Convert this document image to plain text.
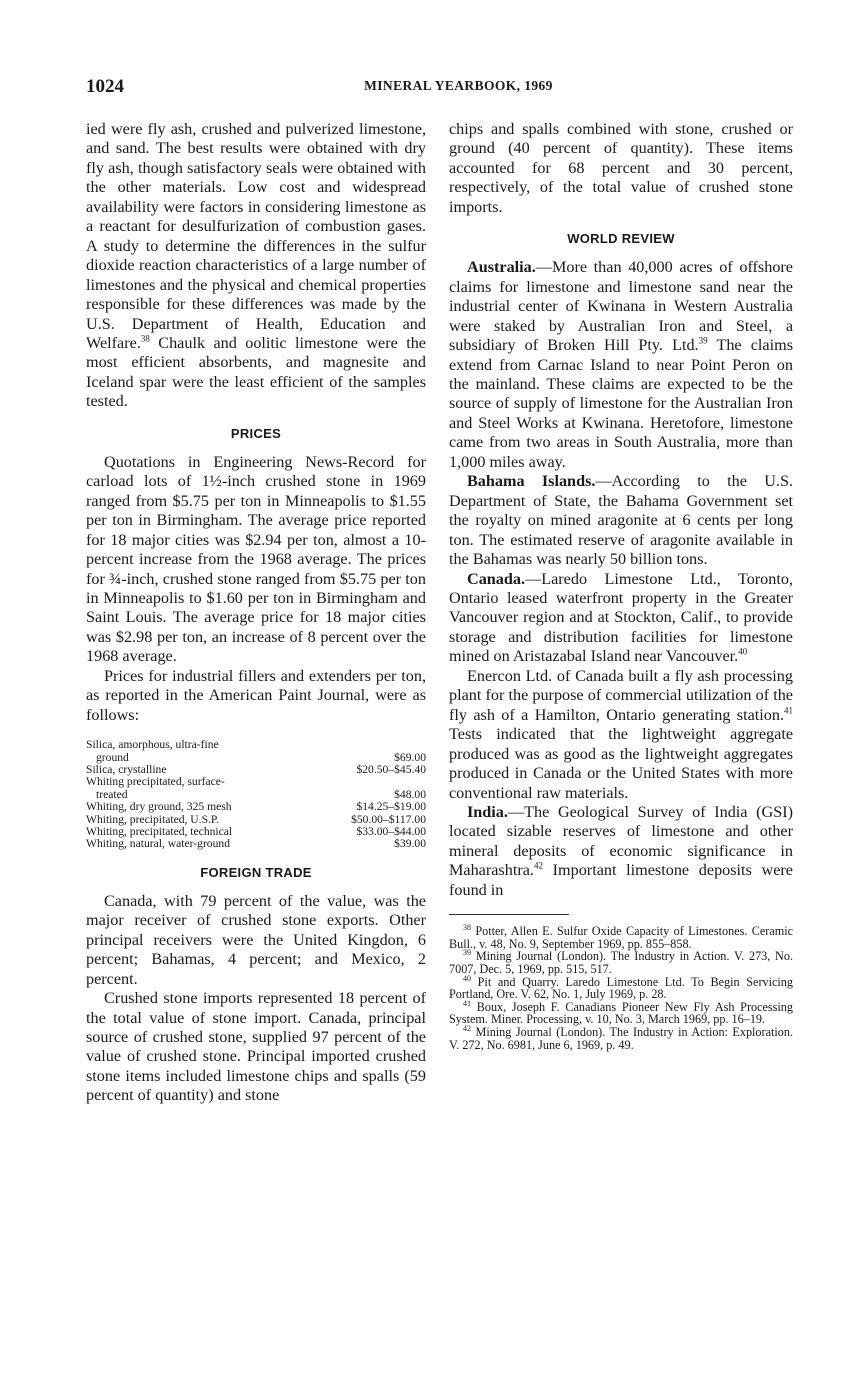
1024	MINERAL YEARBOOK, 1969

ied were fly ash, crushed and pulverized limestone, and sand. The best results were obtained with dry fly ash, though satisfactory seals were obtained with the other materials. Low cost and widespread availability were factors in considering limestone as a reactant for desulfurization of combustion gases. A study to determine the differences in the sulfur dioxide reaction characteristics of a large number of limestones and the physical and chemical properties responsible for these differences was made by the U.S. Department of Health, Education and Welfare.$^{38}$ Chaulk and oolitic limestone were the most efficient absorbents, and magnesite and Iceland spar were the least efficient of the samples tested.

PRICES

Quotations in Engineering News-Record for carload lots of 1½-inch crushed stone in 1969 ranged from $5.75 per ton in Minneapolis to $1.55 per ton in Birmingham. The average price reported for 18 major cities was $2.94 per ton, almost a 10-percent increase from the 1968 average. The prices for ¾-inch, crushed stone ranged from $5.75 per ton in Minneapolis to $1.60 per ton in Birmingham and Saint Louis. The average price for 18 major cities was $2.98 per ton, an increase of 8 percent over the 1968 average.

Prices for industrial fillers and extenders per ton, as reported in the American Paint Journal, were as follows:

Silica, amorphous, ultra-fine	
ground	$69.00
Silica, crystalline	$20.50–$45.40
Whiting precipitated, surface-	
treated	$48.00
Whiting, dry ground, 325 mesh	$14.25–$19.00
Whiting, precipitated, U.S.P.	$50.00–$117.00
Whiting, precipitated, technical	$33.00–$44.00
Whiting, natural, water-ground	$39.00
FOREIGN TRADE

Canada, with 79 percent of the value, was the major receiver of crushed stone exports. Other principal receivers were the United Kingdon, 6 percent; Bahamas, 4 percent; and Mexico, 2 percent.

Crushed stone imports represented 18 percent of the total value of stone import. Canada, principal source of crushed stone, supplied 97 percent of the value of crushed stone. Principal imported crushed stone items included limestone chips and spalls (59 percent of quantity) and stone

chips and spalls combined with stone, crushed or ground (40 percent of quantity). These items accounted for 68 percent and 30 percent, respectively, of the total value of crushed stone imports.

WORLD REVIEW

Australia.—More than 40,000 acres of offshore claims for limestone and limestone sand near the industrial center of Kwinana in Western Australia were staked by Australian Iron and Steel, a subsidiary of Broken Hill Pty. Ltd.$^{39}$ The claims extend from Carnac Island to near Point Peron on the mainland. These claims are expected to be the source of supply of limestone for the Australian Iron and Steel Works at Kwinana. Heretofore, limestone came from two areas in South Australia, more than 1,000 miles away.

Bahama Islands.—According to the U.S. Department of State, the Bahama Government set the royalty on mined aragonite at 6 cents per long ton. The estimated reserve of aragonite available in the Bahamas was nearly 50 billion tons.

Canada.—Laredo Limestone Ltd., Toronto, Ontario leased waterfront property in the Greater Vancouver region and at Stockton, Calif., to provide storage and distribution facilities for limestone mined on Aristazabal Island near Vancouver.$^{40}$

Enercon Ltd. of Canada built a fly ash processing plant for the purpose of commercial utilization of the fly ash of a Hamilton, Ontario generating station.$^{41}$ Tests indicated that the lightweight aggregate produced was as good as the lightweight aggregates produced in Canada or the United States with more conventional raw materials.

India.—The Geological Survey of India (GSI) located sizable reserves of limestone and other mineral deposits of economic significance in Maharashtra.$^{42}$ Important limestone deposits were found in

$^{38}$ Potter, Allen E. Sulfur Oxide Capacity of Limestones. Ceramic Bull., v. 48, No. 9, September 1969, pp. 855–858.

$^{39}$ Mining Journal (London). The Industry in Action. V. 273, No. 7007, Dec. 5, 1969, pp. 515, 517.

$^{40}$ Pit and Quarry. Laredo Limestone Ltd. To Begin Servicing Portland, Ore. V. 62, No. 1, July 1969, p. 28.

$^{41}$ Boux, Joseph F. Canadians Pioneer New Fly Ash Processing System. Miner. Processing, v. 10, No. 3, March 1969, pp. 16–19.

$^{42}$ Mining Journal (London). The Industry in Action: Exploration. V. 272, No. 6981, June 6, 1969, p. 49.
